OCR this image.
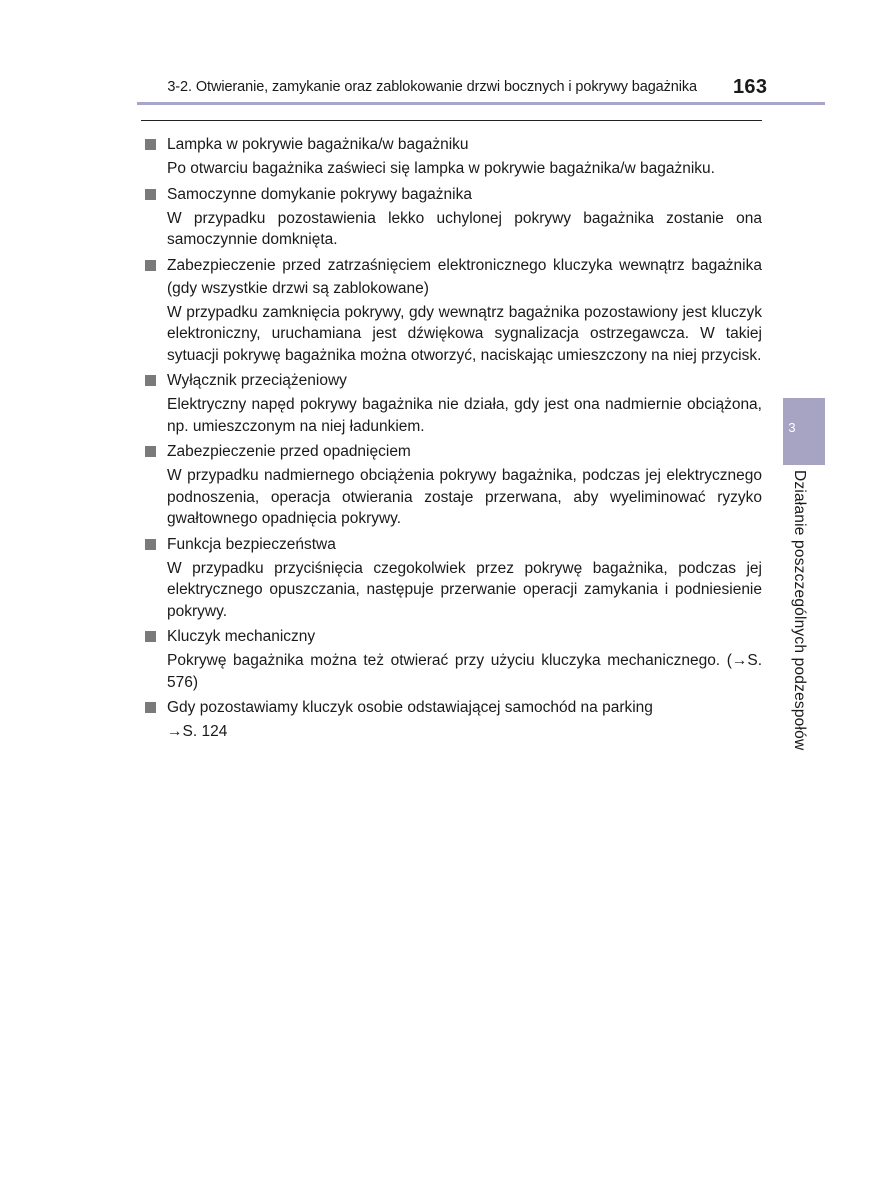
3-2. Otwieranie, zamykanie oraz zablokowanie drzwi bocznych i pokrywy bagażnika 163
Lampka w pokrywie bagażnika/w bagażniku
Po otwarciu bagażnika zaświeci się lampka w pokrywie bagażnika/w bagażniku.
Samoczynne domykanie pokrywy bagażnika
W przypadku pozostawienia lekko uchylonej pokrywy bagażnika zostanie ona samoczynnie domknięta.
Zabezpieczenie przed zatrzaśnięciem elektronicznego kluczyka wewnątrz bagażnika (gdy wszystkie drzwi są zablokowane)
W przypadku zamknięcia pokrywy, gdy wewnątrz bagażnika pozostawiony jest kluczyk elektroniczny, uruchamiana jest dźwiękowa sygnalizacja ostrzegawcza. W takiej sytuacji pokrywę bagażnika można otworzyć, naciskając umieszczony na niej przycisk.
Wyłącznik przeciążeniowy
Elektryczny napęd pokrywy bagażnika nie działa, gdy jest ona nadmiernie obciążona, np. umieszczonym na niej ładunkiem.
Zabezpieczenie przed opadnięciem
W przypadku nadmiernego obciążenia pokrywy bagażnika, podczas jej elektrycznego podnoszenia, operacja otwierania zostaje przerwana, aby wyeliminować ryzyko gwałtownego opadnięcia pokrywy.
Funkcja bezpieczeństwa
W przypadku przyciśnięcia czegokolwiek przez pokrywę bagażnika, podczas jej elektrycznego opuszczania, następuje przerwanie operacji zamykania i podniesienie pokrywy.
Kluczyk mechaniczny
Pokrywę bagażnika można też otwierać przy użyciu kluczyka mechanicznego. (→S. 576)
Gdy pozostawiamy kluczyk osobie odstawiającej samochód na parking
→S. 124
3
Działanie poszczególnych podzespołów
